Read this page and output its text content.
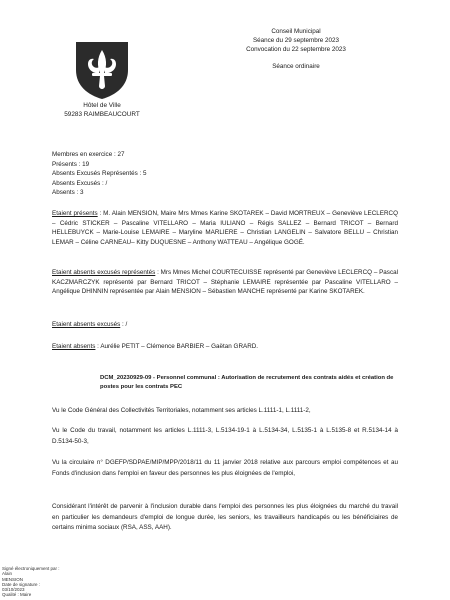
Hôtel de Ville
59283 RAIMBEAUCOURT
Conseil Municipal
Séance du 29 septembre 2023
Convocation du 22 septembre 2023
Séance ordinaire
Membres en exercice : 27
Présents : 19
Absents Excusés Représentés : 5
Absents Excusés : /
Absents : 3
Etaient présents : M. Alain MENSION, Maire Mrs Mmes Karine SKOTAREK – David MORTREUX – Geneviève LECLERCQ – Cédric STICKER – Pascaline VITELLARO – Maria IULIANO – Régis SALLEZ – Bernard TRICOT – Bernard HELLEBUYCK – Marie-Louise LEMAIRE – Maryline MARLIERE – Christian LANGELIN – Salvatore BELLU – Christian LEMAR – Céline CARNEAU– Kitty DUQUESNE – Anthony WATTEAU – Angélique GOGÉ.
Etaient absents excusés représentés : Mrs Mmes Michel COURTECUISSE représenté par Geneviève LECLERCQ – Pascal KACZMARCZYK représenté par Bernard TRICOT – Stéphanie LEMAIRE représentée par Pascaline VITELLARO – Angélique DHINNIN représentée par Alain MENSION – Sébastien MANCHE représenté par Karine SKOTAREK.
Etaient absents excusés : /
Etaient absents : Aurélie PETIT – Clémence BARBIER – Gaëtan GRARD.
DCM_20230929-09 - Personnel communal : Autorisation de recrutement des contrats aidés et création de postes pour les contrats PEC
Vu le Code Général des Collectivités Territoriales, notamment ses articles L.1111-1, L.1111-2,
Vu le Code du travail, notamment les articles L.1111-3, L.5134-19-1 à L.5134-34, L.5135-1 à L.5135-8 et R.5134-14 à D.5134-50-3,
Vu la circulaire n° DGEFP/SDPAE/MIP/MPP/2018/11 du 11 janvier 2018 relative aux parcours emploi compétences et au Fonds d'inclusion dans l'emploi en faveur des personnes les plus éloignées de l'emploi,
Considérant l'intérêt de parvenir à l'inclusion durable dans l'emploi des personnes les plus éloignées du marché du travail en particulier les demandeurs d'emploi de longue durée, les seniors, les travailleurs handicapés ou les bénéficiaires de certains minima sociaux (RSA, ASS, AAH).
Signé électroniquement par : Alain
MENSION
Date de signature : 03/10/2023
Qualité : Maire
